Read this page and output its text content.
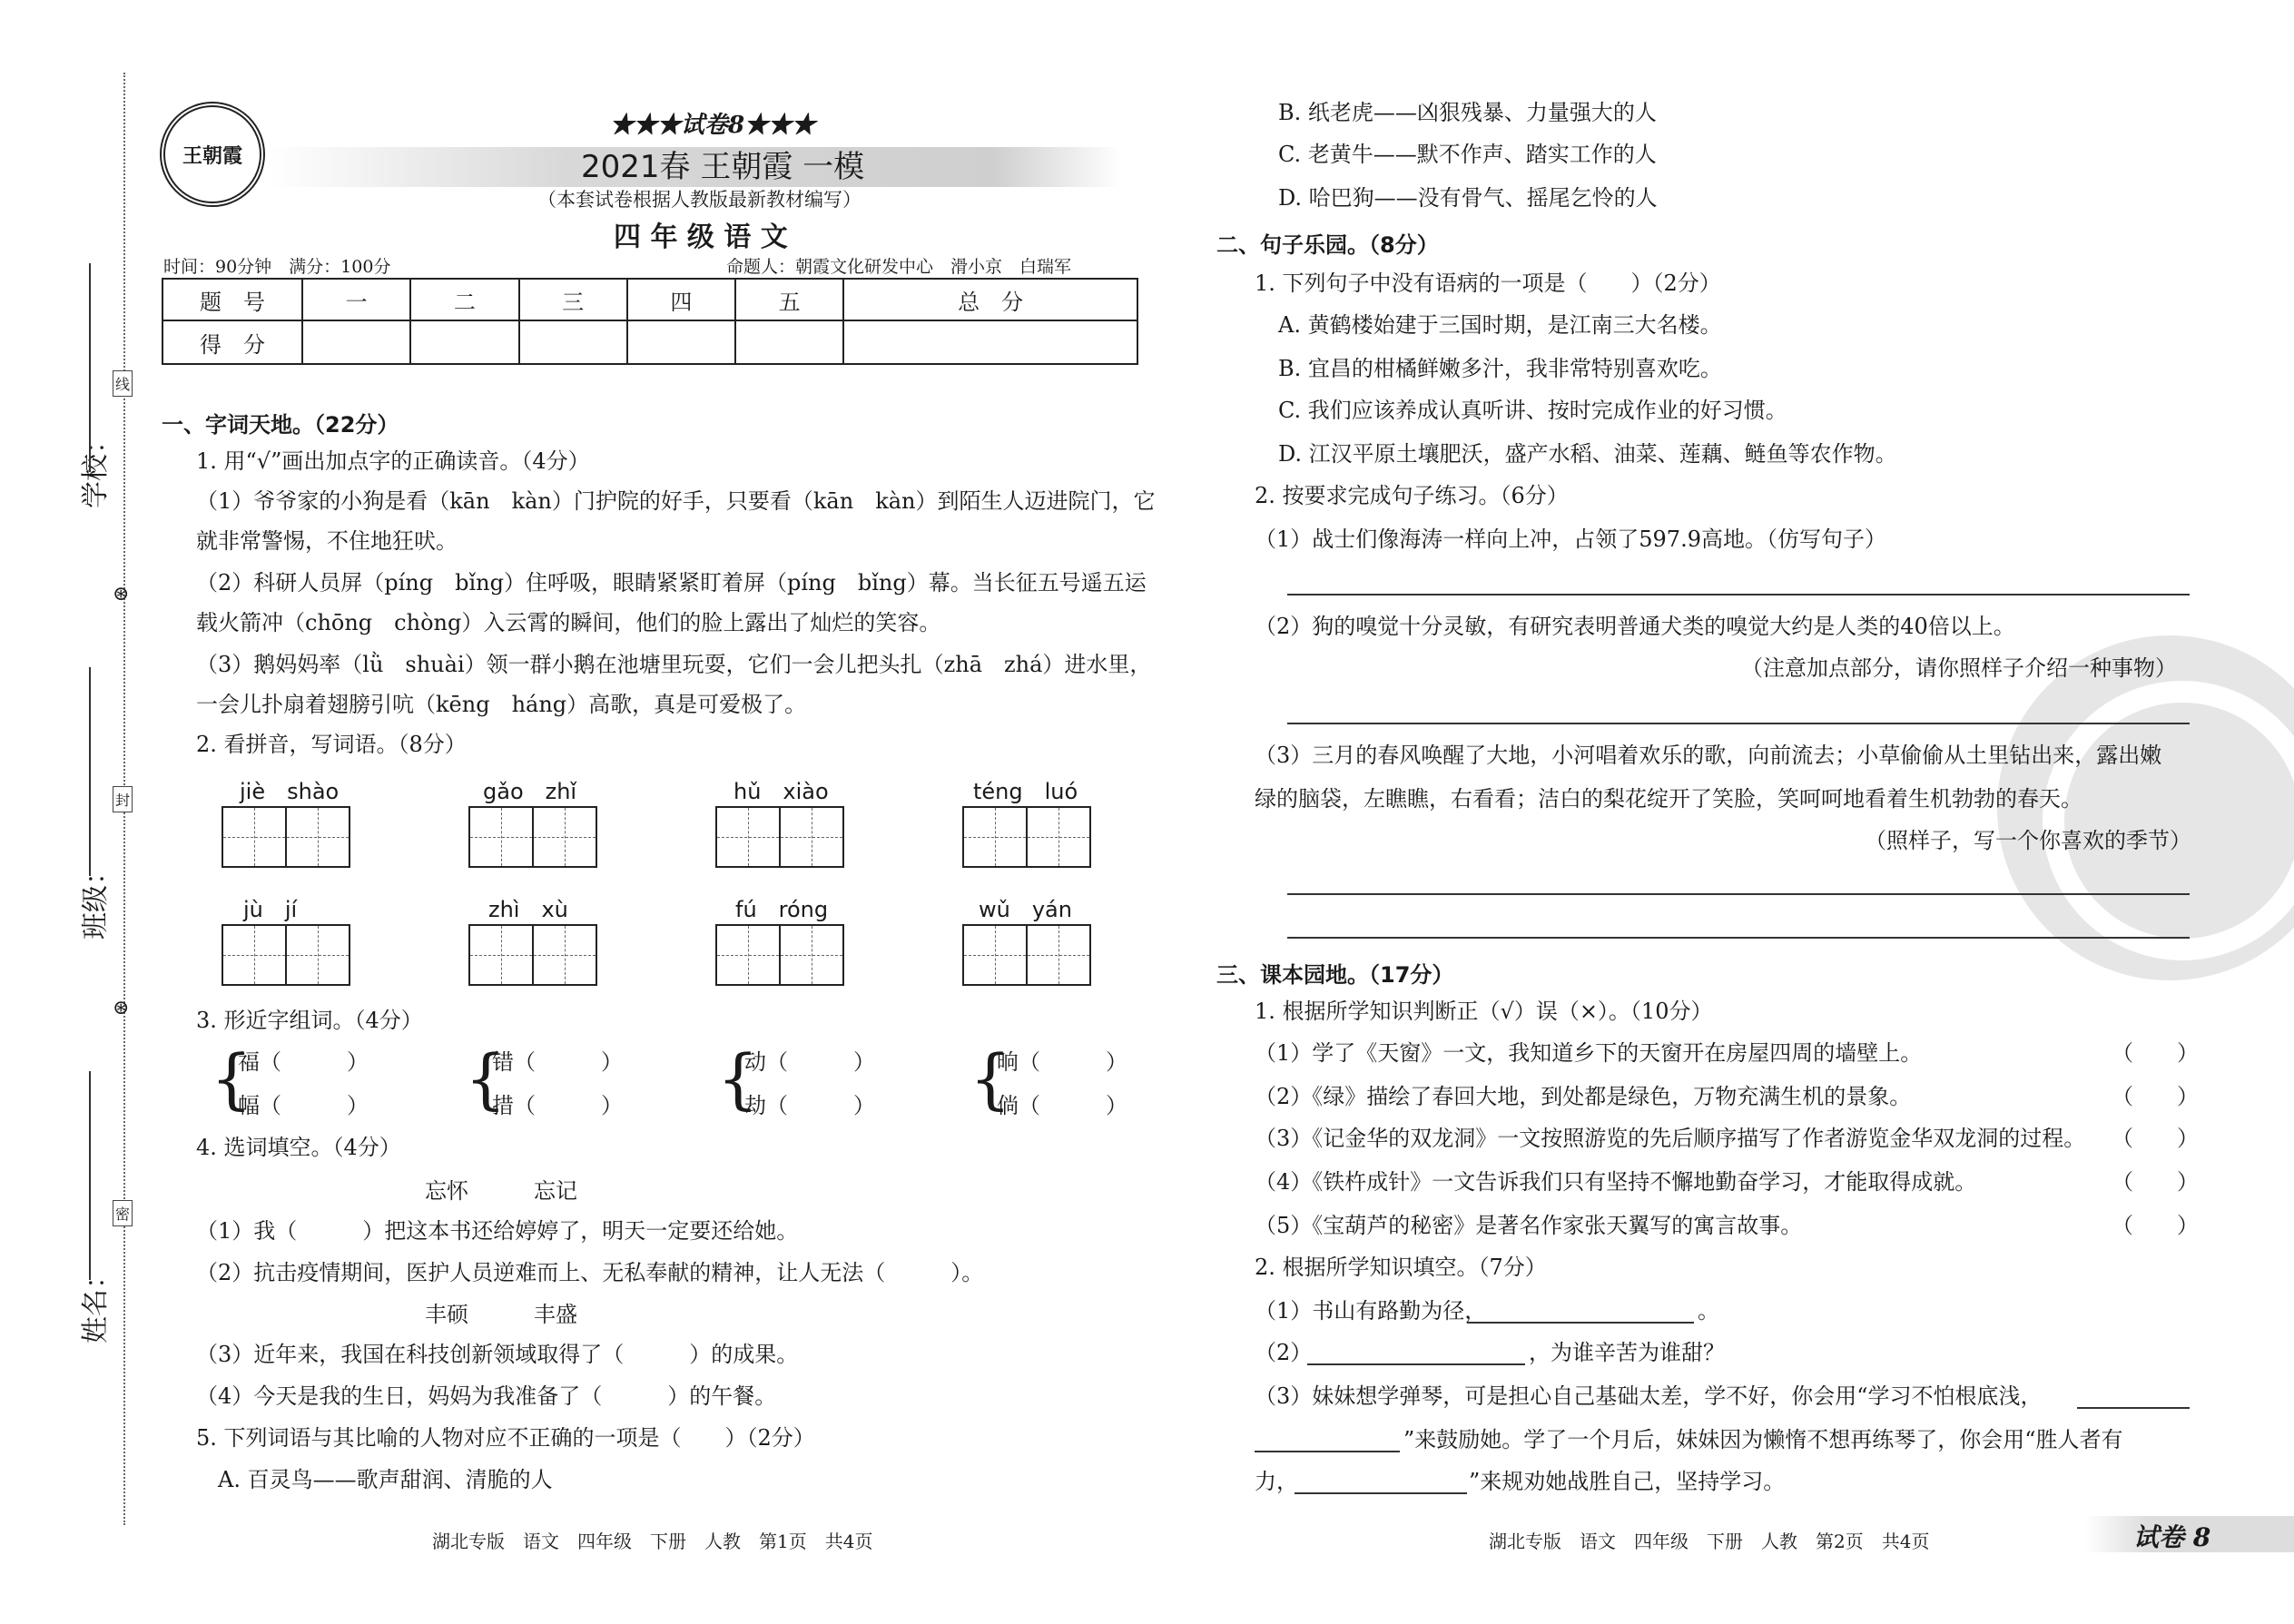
学校：
班级：
姓名：
线
封
密
⊛
⊛
王朝霞
★★★试卷8★★★
2021春 王朝霞 一模
（本套试卷根据人教版最新教材编写）
四 年 级 语 文
时间：90分钟　满分：100分	命题人：朝霞文化研发中心　滑小京　白瑞军
题　号	一	二	三	四	五	总　分
得　分						
一、字词天地。（22分）
1. 用“√”画出加点字的正确读音。（4分）
（1）爷爷家的小狗是看（kān　kàn）门护院的好手，只要看（kān　kàn）到陌生人迈进院门，它
就非常警惕，不住地狂吠。
（2）科研人员屏（píng　bǐng）住呼吸，眼睛紧紧盯着屏（píng　bǐng）幕。当长征五号遥五运
载火箭冲（chōng　chòng）入云霄的瞬间，他们的脸上露出了灿烂的笑容。
（3）鹅妈妈率（lǜ　shuài）领一群小鹅在池塘里玩耍，它们一会儿把头扎（zhā　zhá）进水里，
一会儿扑扇着翅膀引吭（kēng　háng）高歌，真是可爱极了。
2. 看拼音，写词语。（8分）
jiè　shào	gǎo　zhǐ	hǔ　xiào	téng　luó
jù　jí	zhì　xù	fú　róng	wǔ　yán
3. 形近字组词。（4分）
{
福（　　　）
幅（　　　） {
错（　　　）
措（　　　） {
动（　　　）
劫（　　　） {
晌（　　　）
倘（　　　）
4. 选词填空。（4分）
忘怀　　　忘记
（1）我（　　　）把这本书还给婷婷了，明天一定要还给她。
（2）抗击疫情期间，医护人员逆难而上、无私奉献的精神，让人无法（　　　）。
丰硕　　　丰盛
（3）近年来，我国在科技创新领域取得了（　　　）的成果。
（4）今天是我的生日，妈妈为我准备了（　　　）的午餐。
5. 下列词语与其比喻的人物对应不正确的一项是（　　）（2分）
A. 百灵鸟——歌声甜润、清脆的人
湖北专版　语文　四年级　下册　人教　第1页　共4页
B. 纸老虎——凶狠残暴、力量强大的人
C. 老黄牛——默不作声、踏实工作的人
D. 哈巴狗——没有骨气、摇尾乞怜的人
二、句子乐园。（8分）
1. 下列句子中没有语病的一项是（　　）（2分）
A. 黄鹤楼始建于三国时期，是江南三大名楼。
B. 宜昌的柑橘鲜嫩多汁，我非常特别喜欢吃。
C. 我们应该养成认真听讲、按时完成作业的好习惯。
D. 江汉平原土壤肥沃，盛产水稻、油菜、莲藕、鲢鱼等农作物。
2. 按要求完成句子练习。（6分）
（1）战士们像海涛一样向上冲，占领了597.9高地。（仿写句子）
（2）狗的嗅觉十分灵敏，有研究表明普通犬类的嗅觉大约是人类的40倍以上。
（注意加点部分，请你照样子介绍一种事物）
（3）三月的春风唤醒了大地，小河唱着欢乐的歌，向前流去；小草偷偷从土里钻出来，露出嫩
绿的脑袋，左瞧瞧，右看看；洁白的梨花绽开了笑脸，笑呵呵地看着生机勃勃的春天。
（照样子，写一个你喜欢的季节）
三、课本园地。（17分）
1. 根据所学知识判断正（√）误（×）。（10分）
（1）学了《天窗》一文，我知道乡下的天窗开在房屋四周的墙壁上。
（2）《绿》描绘了春回大地，到处都是绿色，万物充满生机的景象。
（3）《记金华的双龙洞》一文按照游览的先后顺序描写了作者游览金华双龙洞的过程。
（4）《铁杵成针》一文告诉我们只有坚持不懈地勤奋学习，才能取得成就。
（5）《宝葫芦的秘密》是著名作家张天翼写的寓言故事。
（　　）
（　　）
（　　）
（　　）
（　　）
2. 根据所学知识填空。（7分）
（1）书山有路勤为径，	。
（2）	，为谁辛苦为谁甜？
（3）妹妹想学弹琴，可是担心自己基础太差，学不好，你会用“学习不怕根底浅，
”来鼓励她。学了一个月后，妹妹因为懒惰不想再练琴了，你会用“胜人者有
力，	”来规劝她战胜自己，坚持学习。
湖北专版　语文　四年级　下册　人教　第2页　共4页	试卷 8
